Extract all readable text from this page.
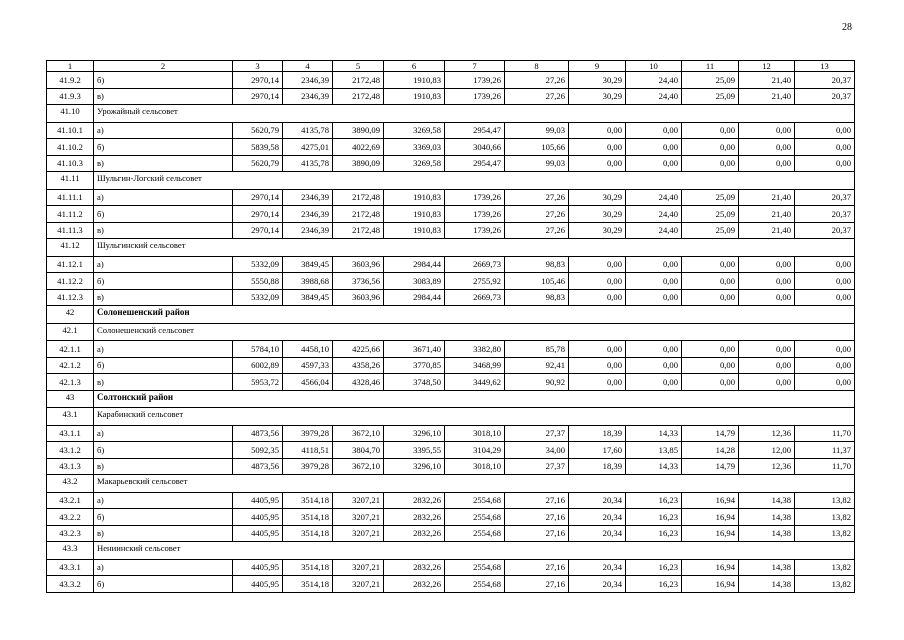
28
1	2	3	4	5	6	7	8	9	10	11	12	13
41.9.2	б)	2970,14	2346,39	2172,48	1910,83	1739,26	27,26	30,29	24,40	25,09	21,40	20,37
41.9.3	в)	2970,14	2346,39	2172,48	1910,83	1739,26	27,26	30,29	24,40	25,09	21,40	20,37
41.10	Урожайный сельсовет											
41.10.1	а)	5620,79	4135,78	3890,09	3269,58	2954,47	99,03	0,00	0,00	0,00	0,00	0,00
41.10.2	б)	5839,58	4275,01	4022,69	3369,03	3040,66	105,66	0,00	0,00	0,00	0,00	0,00
41.10.3	в)	5620,79	4135,78	3890,09	3269,58	2954,47	99,03	0,00	0,00	0,00	0,00	0,00
41.11	Шульгин-Логский сельсовет											
41.11.1	а)	2970,14	2346,39	2172,48	1910,83	1739,26	27,26	30,29	24,40	25,09	21,40	20,37
41.11.2	б)	2970,14	2346,39	2172,48	1910,83	1739,26	27,26	30,29	24,40	25,09	21,40	20,37
41.11.3	в)	2970,14	2346,39	2172,48	1910,83	1739,26	27,26	30,29	24,40	25,09	21,40	20,37
41.12	Шульгинский сельсовет											
41.12.1	а)	5332,09	3849,45	3603,96	2984,44	2669,73	98,83	0,00	0,00	0,00	0,00	0,00
41.12.2	б)	5550,88	3988,68	3736,56	3083,89	2755,92	105,46	0,00	0,00	0,00	0,00	0,00
41.12.3	в)	5332,09	3849,45	3603,96	2984,44	2669,73	98,83	0,00	0,00	0,00	0,00	0,00
42	Солонешенский район											
42.1	Солонешенский сельсовет											
42.1.1	а)	5784,10	4458,10	4225,66	3671,40	3382,80	85,78	0,00	0,00	0,00	0,00	0,00
42.1.2	б)	6002,89	4597,33	4358,26	3770,85	3468,99	92,41	0,00	0,00	0,00	0,00	0,00
42.1.3	в)	5953,72	4566,04	4328,46	3748,50	3449,62	90,92	0,00	0,00	0,00	0,00	0,00
43	Солтонский район											
43.1	Карабинский сельсовет											
43.1.1	а)	4873,56	3979,28	3672,10	3296,10	3018,10	27,37	18,39	14,33	14,79	12,36	11,70
43.1.2	б)	5092,35	4118,51	3804,70	3395,55	3104,29	34,00	17,60	13,85	14,28	12,00	11,37
43.1.3	в)	4873,56	3979,28	3672,10	3296,10	3018,10	27,37	18,39	14,33	14,79	12,36	11,70
43.2	Макарьевский сельсовет											
43.2.1	а)	4405,95	3514,18	3207,21	2832,26	2554,68	27,16	20,34	16,23	16,94	14,38	13,82
43.2.2	б)	4405,95	3514,18	3207,21	2832,26	2554,68	27,16	20,34	16,23	16,94	14,38	13,82
43.2.3	в)	4405,95	3514,18	3207,21	2832,26	2554,68	27,16	20,34	16,23	16,94	14,38	13,82
43.3	Нениинский сельсовет											
43.3.1	а)	4405,95	3514,18	3207,21	2832,26	2554,68	27,16	20,34	16,23	16,94	14,38	13,82
43.3.2	б)	4405,95	3514,18	3207,21	2832,26	2554,68	27,16	20,34	16,23	16,94	14,38	13,82
